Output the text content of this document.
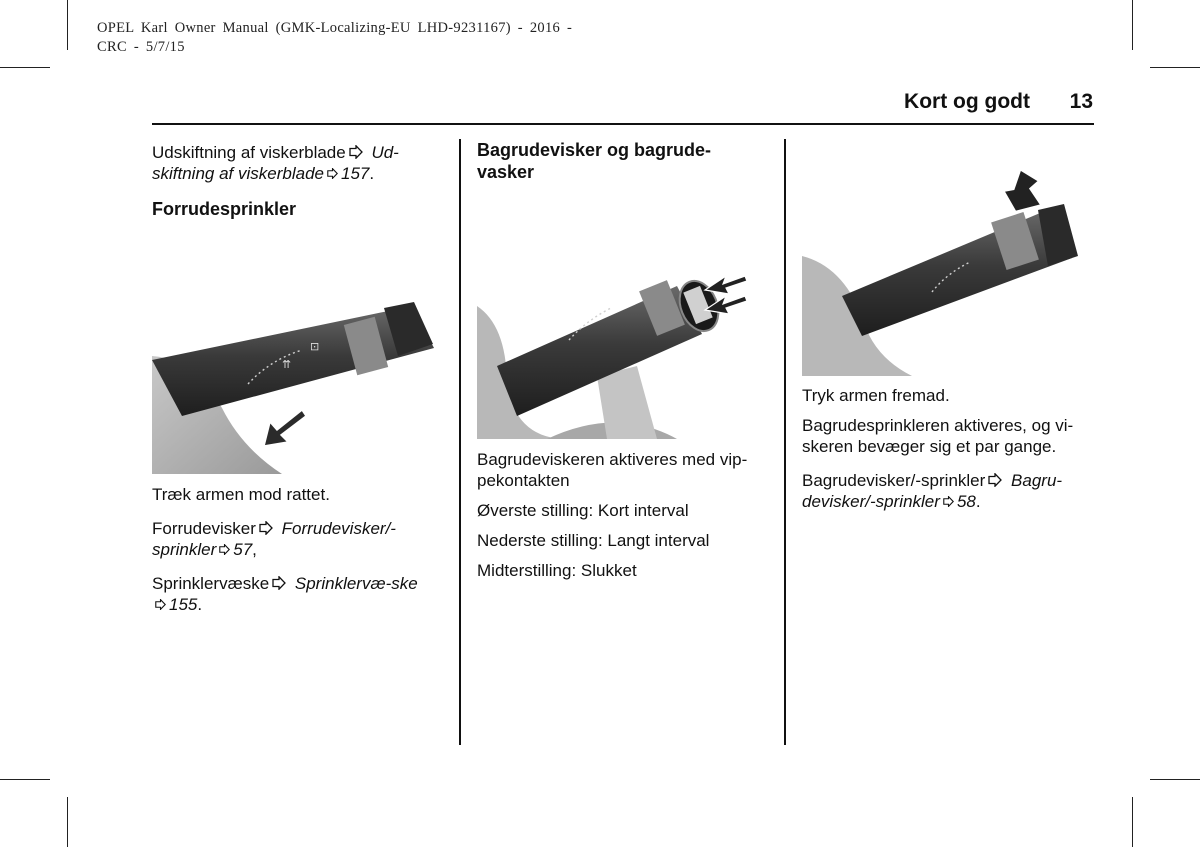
OPEL Karl Owner Manual (GMK-Localizing-EU LHD-9231167) - 2016 -
CRC - 5/7/15
Kort og godt 13

Udskiftning af viskerblade Ud-skiftning af viskerblade 157.

Forrudesprinkler
⇈
⊡

Træk armen mod rattet.

Forrudevisker Forrudevisker/-sprinkler 57,

Sprinklervæske Sprinklervæ-ske155.

Bagrudevisker og bagrude-vasker

Bagrudeviskeren aktiveres med vip-pekontakten

Øverste stilling: Kort interval

Nederste stilling: Langt interval

Midterstilling: Slukket

Tryk armen fremad.

Bagrudesprinkleren aktiveres, og vi-skeren bevæger sig et par gange.

Bagrudevisker/-sprinkler Bagru-devisker/-sprinkler 58.
